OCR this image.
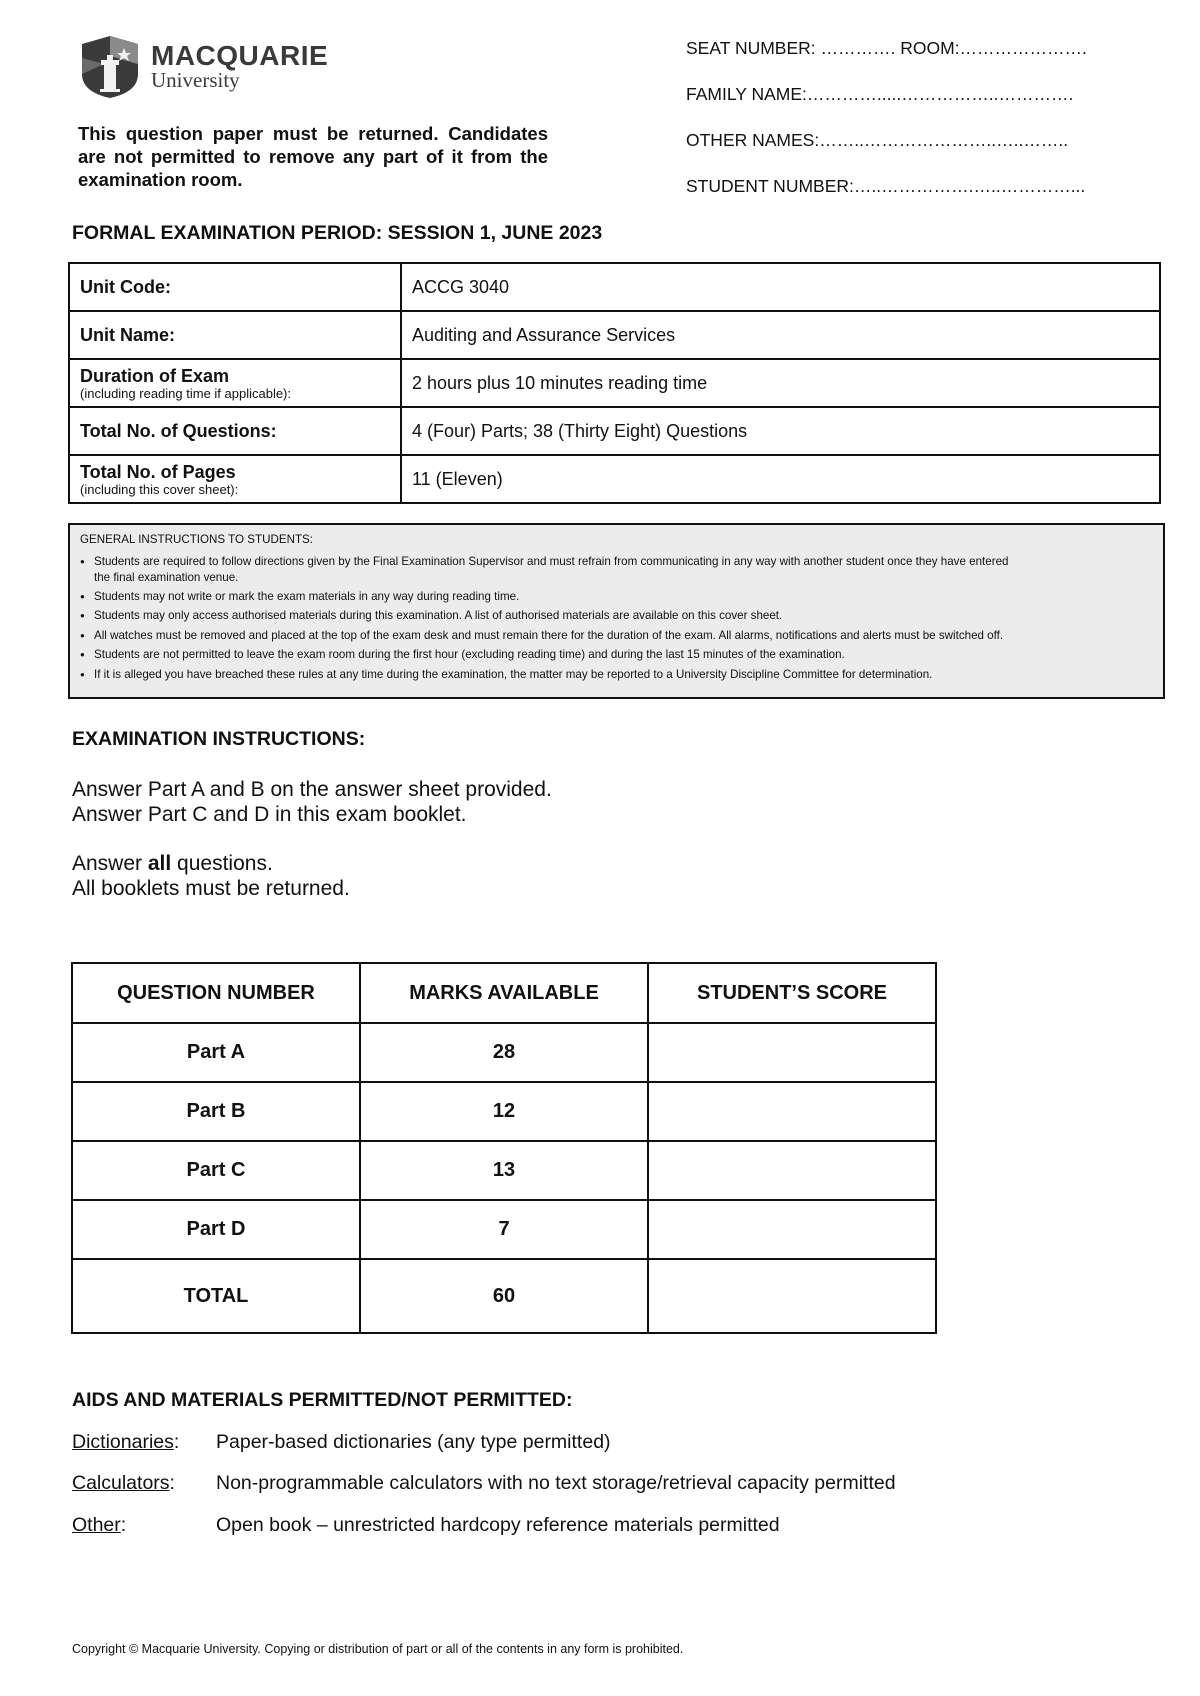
MACQUARIE
University
This question paper must be returned. Candidates are not permitted to remove any part of it from the examination room.
SEAT NUMBER: …………. ROOM:………………….
FAMILY NAME:………….....……………..………….
OTHER NAMES:……..…………………..…..……..
STUDENT NUMBER:…..…………….…..…………...
FORMAL EXAMINATION PERIOD: SESSION 1, JUNE 2023
Unit Code:	ACCG 3040
Unit Name:	Auditing and Assurance Services
Duration of Exam
(including reading time if applicable):	2 hours plus 10 minutes reading time
Total No. of Questions:	4 (Four) Parts; 38 (Thirty Eight) Questions
Total No. of Pages
(including this cover sheet):	11 (Eleven)
GENERAL INSTRUCTIONS TO STUDENTS:
● Students are required to follow directions given by the Final Examination Supervisor and must refrain from communicating in any way with another student once they have entered
the final examination venue.
● Students may not write or mark the exam materials in any way during reading time.
● Students may only access authorised materials during this examination. A list of authorised materials are available on this cover sheet.
● All watches must be removed and placed at the top of the exam desk and must remain there for the duration of the exam. All alarms, notifications and alerts must be switched off.
● Students are not permitted to leave the exam room during the first hour (excluding reading time) and during the last 15 minutes of the examination.
● If it is alleged you have breached these rules at any time during the examination, the matter may be reported to a University Discipline Committee for determination.
EXAMINATION INSTRUCTIONS:
Answer Part A and B on the answer sheet provided.
Answer Part C and D in this exam booklet.
Answer all questions.
All booklets must be returned.
QUESTION NUMBER	MARKS AVAILABLE	STUDENT’S SCORE
Part A	28	
Part B	12	
Part C	13	
Part D	7	
TOTAL	60	
AIDS AND MATERIALS PERMITTED/NOT PERMITTED:
Dictionaries: Paper-based dictionaries (any type permitted)
Calculators: Non-programmable calculators with no text storage/retrieval capacity permitted
Other:	Open book – unrestricted hardcopy reference materials permitted
Copyright © Macquarie University. Copying or distribution of part or all of the contents in any form is prohibited.
